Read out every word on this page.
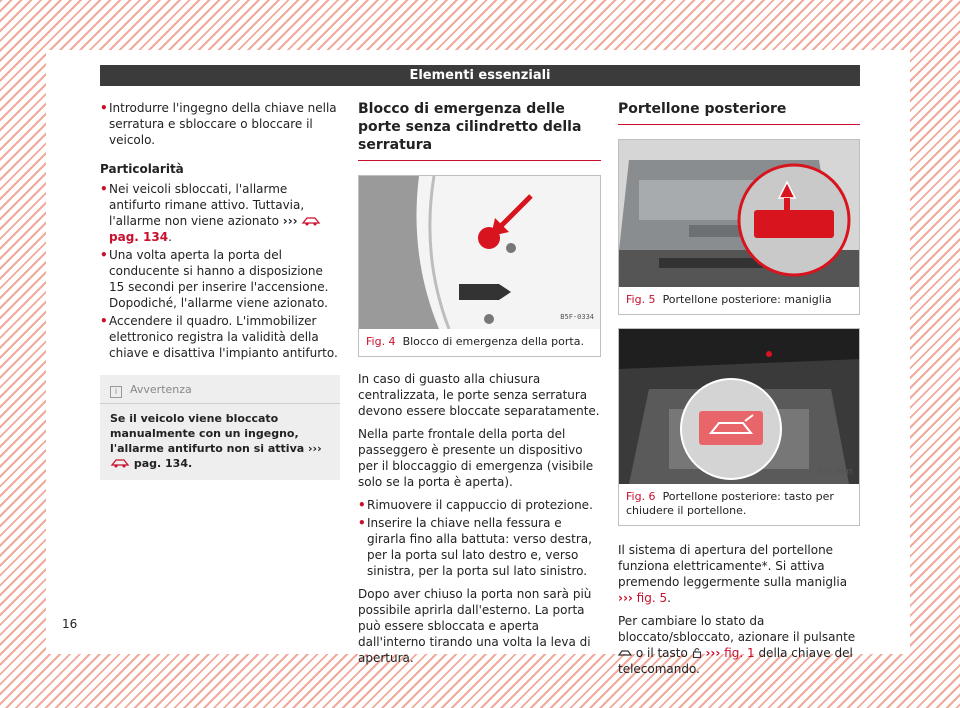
Elementi essenziali
• Introdurre l'ingegno della chiave nella serratura e sbloccare o bloccare il veicolo.

Particolarità

• Nei veicoli sbloccati, l'allarme antifurto rimane attivo. Tuttavia, l'allarme non viene azionato ›››  pag. 134.
• Una volta aperta la porta del conducente si hanno a disposizione 15 secondi per inserire l'accensione. Dopodiché, l'allarme viene azionato.
• Accendere il quadro. L'immobilizer elettronico registra la validità della chiave e disattiva l'impianto antifurto.
i Avvertenza
Se il veicolo viene bloccato manualmente con un ingegno, l'allarme antifurto non si attiva ›››  pag. 134.
Blocco di emergenza delle porte senza cilindretto della serratura
B5F-0334
Fig. 4 Blocco di emergenza della porta.

In caso di guasto alla chiusura centralizzata, le porte senza serratura devono essere bloccate separatamente.

Nella parte frontale della porta del passeggero è presente un dispositivo per il bloccaggio di emergenza (visibile solo se la porta è aperta).

• Rimuovere il cappuccio di protezione.
• Inserire la chiave nella fessura e girarla fino alla battuta: verso destra, per la porta sul lato destro e, verso sinistra, per la porta sul lato sinistro.

Dopo aver chiuso la porta non sarà più possibile aprirla dall'esterno. La porta può essere sbloccata e aperta dall'interno tirando una volta la leva di apertura.

Portellone posteriore
B5T-0096
Fig. 5 Portellone posteriore: maniglia
B5T-0045
Fig. 6 Portellone posteriore: tasto per chiudere il portellone.

Il sistema di apertura del portellone funziona elettricamente*. Si attiva premendo leggermente sulla maniglia ››› fig. 5.

Per cambiare lo stato da bloccato/sbloccato, azionare il pulsante  o il tasto ››› fig. 1 della chiave del telecomando.

16
